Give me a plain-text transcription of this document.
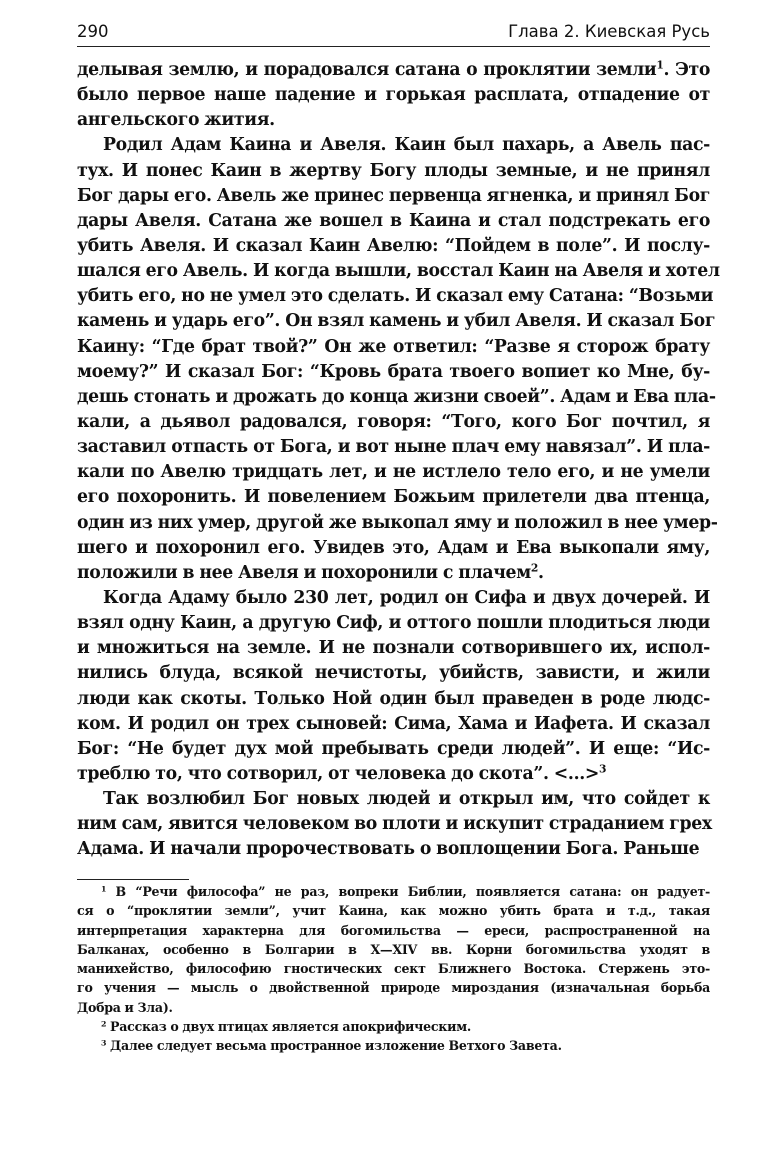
290	Глава 2. Киевская Русь
делывая землю, и порадовался сатана о проклятии земли$^1$. Это
было первое наше падение и горькая расплата, отпадение от
ангельского жития.
Родил Адам Каина и Авеля. Каин был пахарь, а Авель пас-
тух. И понес Каин в жертву Богу плоды земные, и не принял
Бог дары его. Авель же принес первенца ягненка, и принял Бог
дары Авеля. Сатана же вошел в Каина и стал подстрекать его
убить Авеля. И сказал Каин Авелю: “Пойдем в поле”. И послу-
шался его Авель. И когда вышли, восстал Каин на Авеля и хотел
убить его, но не умел это сделать. И сказал ему Сатана: “Возьми
камень и ударь его”. Он взял камень и убил Авеля. И сказал Бог
Каину: “Где брат твой?” Он же ответил: “Разве я сторож брату
моему?” И сказал Бог: “Кровь брата твоего вопиет ко Мне, бу-
дешь стонать и дрожать до конца жизни своей”. Адам и Ева пла-
кали, а дьявол радовался, говоря: “Того, кого Бог почтил, я
заставил отпасть от Бога, и вот ныне плач ему навязал”. И пла-
кали по Авелю тридцать лет, и не истлело тело его, и не умели
его похоронить. И повелением Божьим прилетели два птенца,
один из них умер, другой же выкопал яму и положил в нее умер-
шего и похоронил его. Увидев это, Адам и Ева выкопали яму,
положили в нее Авеля и похоронили с плачем$^2$.
Когда Адаму было 230 лет, родил он Сифа и двух дочерей. И
взял одну Каин, а другую Сиф, и оттого пошли плодиться люди
и множиться на земле. И не познали сотворившего их, испол-
нились блуда, всякой нечистоты, убийств, зависти, и жили
люди как скоты. Только Ной один был праведен в роде людс-
ком. И родил он трех сыновей: Сима, Хама и Иафета. И сказал
Бог: “Не будет дух мой пребывать среди людей”. И еще: “Ис-
треблю то, что сотворил, от человека до скота”. <...>$^3$
Так возлюбил Бог новых людей и открыл им, что сойдет к
ним сам, явится человеком во плоти и искупит страданием грех
Адама. И начали пророчествовать о воплощении Бога. Раньше
$^1$ В “Речи философа” не раз, вопреки Библии, появляется сатана: он радует-
ся о “проклятии земли”, учит Каина, как можно убить брата и т.д., такая
интерпретация характерна для богомильства — ереси, распространенной на
Балканах, особенно в Болгарии в X—XIV вв. Корни богомильства уходят в
манихейство, философию гностических сект Ближнего Востока. Стержень это-
го учения — мысль о двойственной природе мироздания (изначальная борьба
Добра и Зла).
$^2$ Рассказ о двух птицах является апокрифическим.
$^3$ Далее следует весьма пространное изложение Ветхого Завета.
